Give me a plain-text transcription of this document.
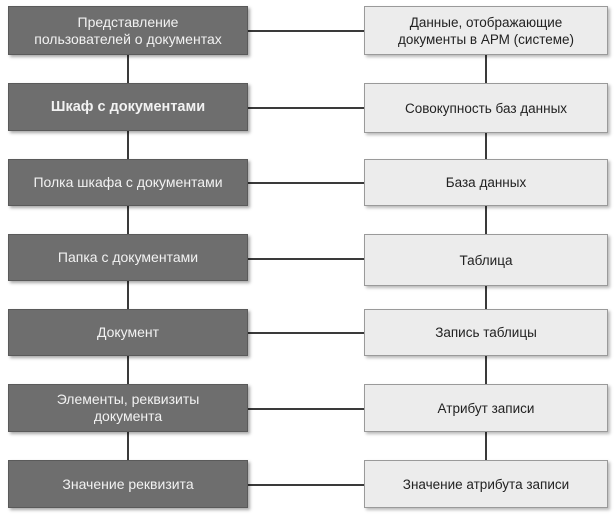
Представление
пользователей о документах
Шкаф с документами
Полка шкафа с документами
Папка с документами
Документ
Элементы, реквизиты
документа
Значение реквизита
Данные, отображающие
документы в АРМ (системе)
Совокупность баз данных
База данных
Таблица
Запись таблицы
Атрибут записи
Значение атрибута записи
